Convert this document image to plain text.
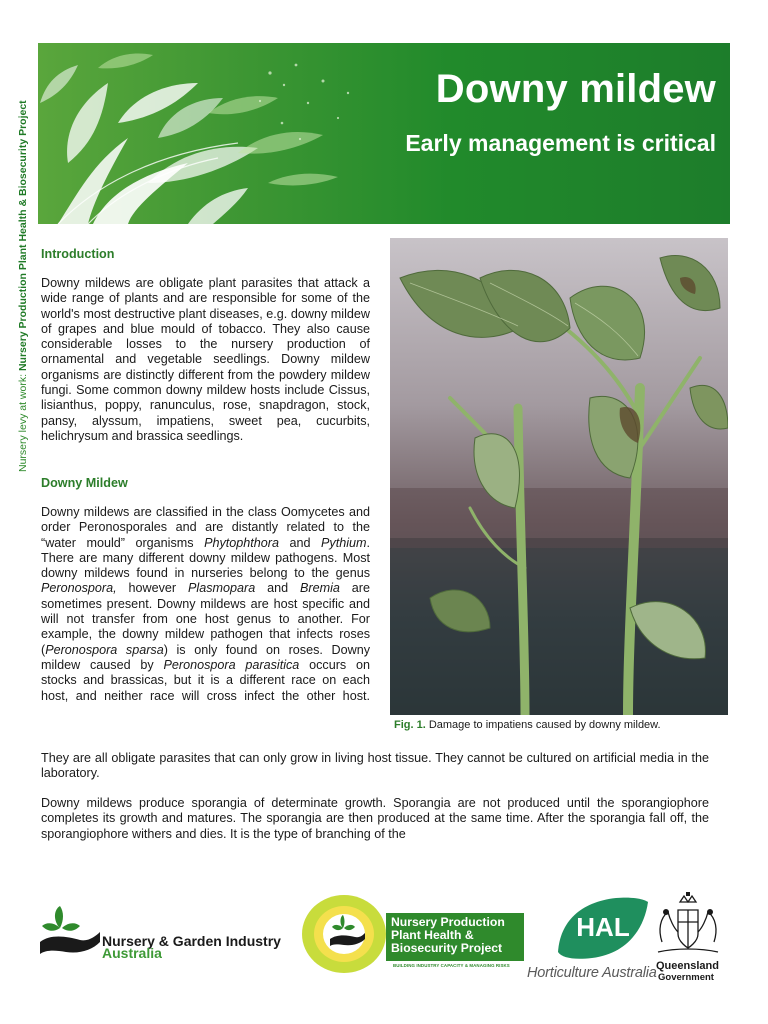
Nursery levy at work: Nursery Production Plant Health & Biosecurity Project
Downy mildew
Early management is critical
Introduction

Downy mildews are obligate plant parasites that attack a wide range of plants and are responsible for some of the world's most destructive plant diseases, e.g. downy mildew of grapes and blue mould of tobacco. They also cause considerable losses to the nursery production of ornamental and vegetable seedlings. Downy mildew organisms are distinctly different from the powdery mildew fungi. Some common downy mildew hosts include Cissus, lisianthus, poppy, ranunculus, rose, snapdragon, stock, pansy, alyssum, impatiens, sweet pea, cucurbits, helichrysum and brassica seedlings.

Downy Mildew

Downy mildews are classified in the class Oomycetes and order Peronosporales and are distantly related to the “water mould” organisms Phytophthora and Pythium. There are many different downy mildew pathogens. Most downy mildews found in nurseries belong to the genus Peronospora, however Plasmopara and Bremia are sometimes present. Downy mildews are host specific and will not transfer from one host genus to another. For example, the downy mildew pathogen that infects roses (Peronospora sparsa) is only found on roses. Downy mildew caused by Peronospora parasitica occurs on stocks and brassicas, but it is a different race on each host, and neither race will cross infect the other host.

Fig. 1. Damage to impatiens caused by downy mildew.

They are all obligate parasites that can only grow in living host tissue. They cannot be cultured on artificial media in the laboratory.

Downy mildews produce sporangia of determinate growth. Sporangia are not produced until the sporangiophore completes its growth and matures. The sporangia are then produced at the same time. After the sporangia fall off, the sporangiophore withers and dies. It is the type of branching of the

Nursery & Garden Industry
Australia
Nursery Production
Plant Health &
Biosecurity Project
BUILDING INDUSTRY CAPACITY & MANAGING RISKS
HAL
Horticulture Australia Queensland
Government
